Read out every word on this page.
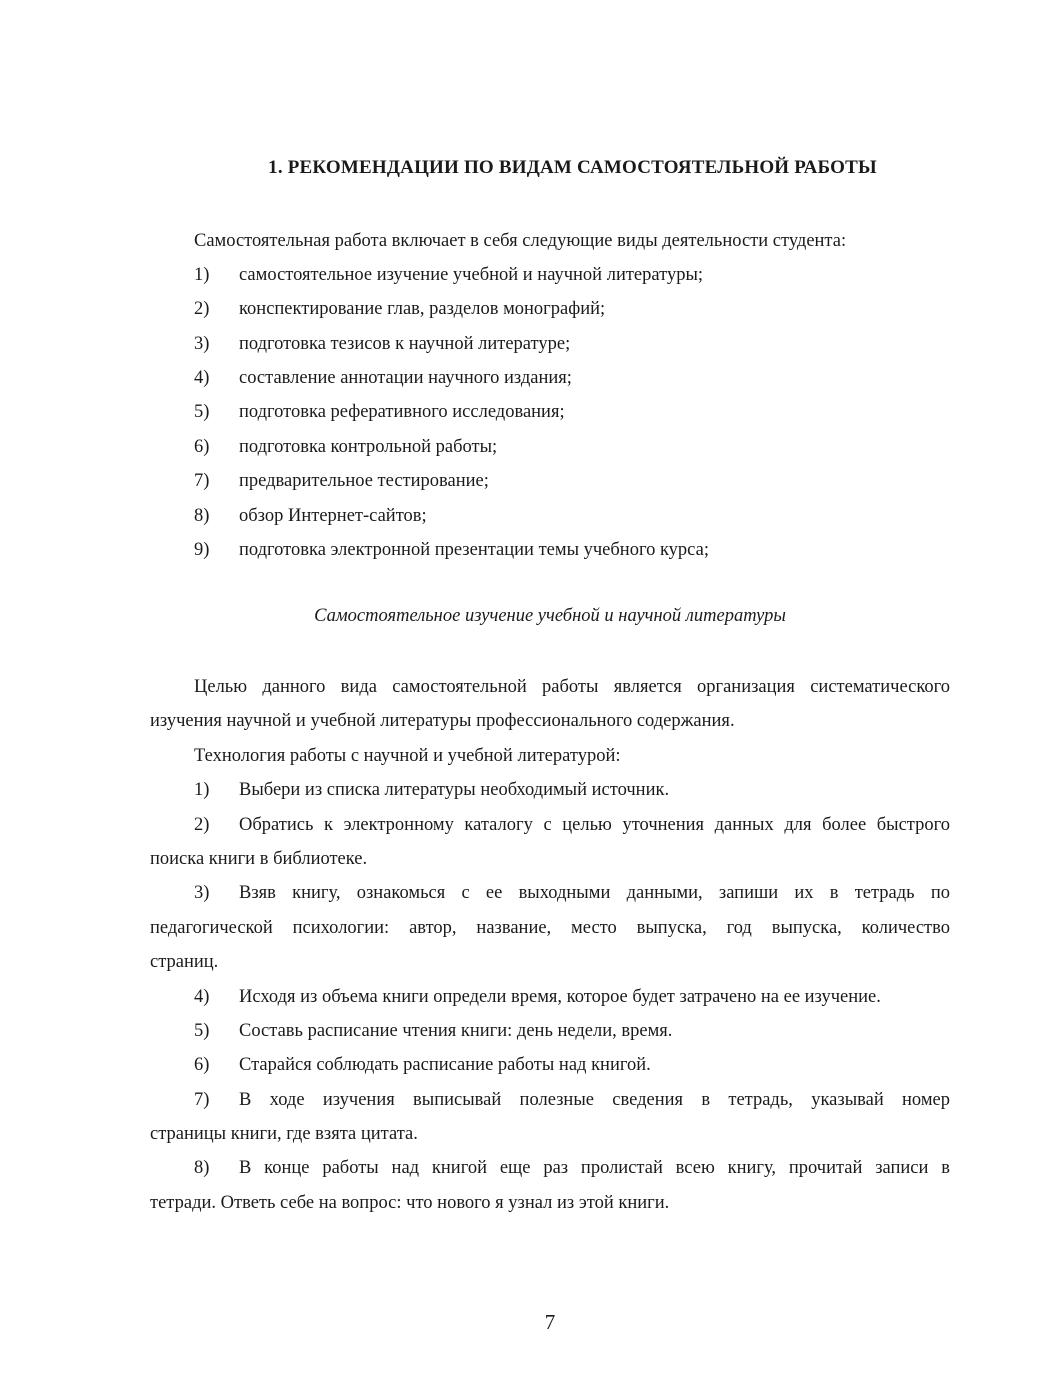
1. РЕКОМЕНДАЦИИ ПО ВИДАМ САМОСТОЯТЕЛЬНОЙ РАБОТЫ
Самостоятельная работа включает в себя следующие виды деятельности студента:
1) самостоятельное изучение учебной и научной литературы;
2) конспектирование глав, разделов монографий;
3) подготовка тезисов к научной литературе;
4) составление аннотации научного издания;
5) подготовка реферативного исследования;
6) подготовка контрольной работы;
7) предварительное тестирование;
8) обзор Интернет-сайтов;
9) подготовка электронной презентации темы учебного курса;
Самостоятельное изучение учебной и научной литературы
Целью данного вида самостоятельной работы является организация систематического
изучения научной и учебной литературы профессионального содержания.
Технология работы с научной и учебной литературой:
1) Выбери из списка литературы необходимый источник.
2) Обратись к электронному каталогу с целью уточнения данных для более быстрого
поиска книги в библиотеке.
3) Взяв книгу, ознакомься с ее выходными данными, запиши их в тетрадь по
педагогической психологии: автор, название, место выпуска, год выпуска, количество
страниц.
4) Исходя из объема книги определи время, которое будет затрачено на ее изучение.
5) Составь расписание чтения книги: день недели, время.
6) Старайся соблюдать расписание работы над книгой.
7) В ходе изучения выписывай полезные сведения в тетрадь, указывай номер
страницы книги, где взята цитата.
8) В конце работы над книгой еще раз пролистай всею книгу, прочитай записи в
тетради. Ответь себе на вопрос: что нового я узнал из этой книги.
7
